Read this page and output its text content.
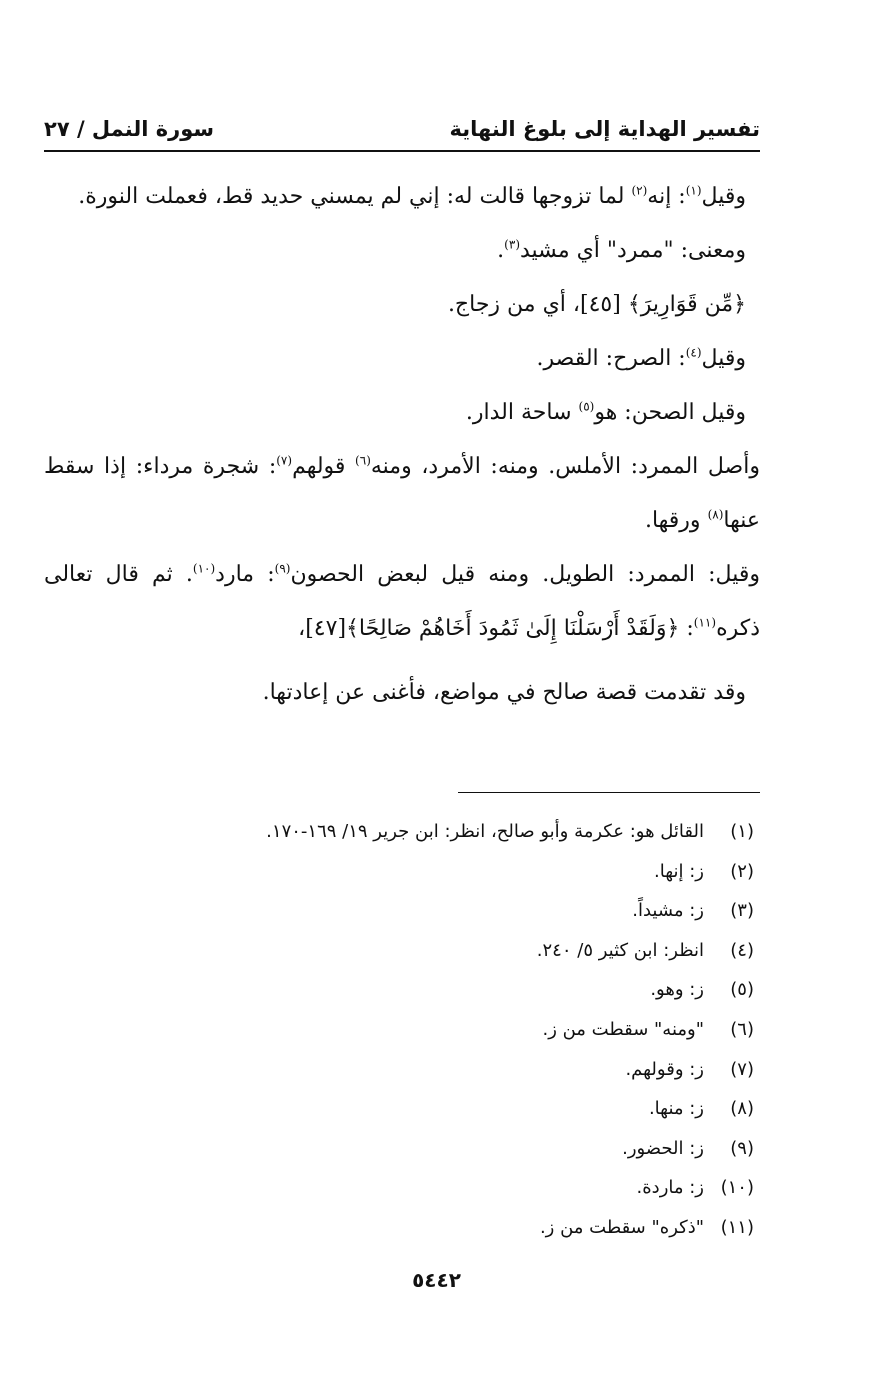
تفسير الهداية إلى بلوغ النهاية
سورة النمل / ٢٧

وقيل$^{(١)}$: إنه$^{(٢)}$ لما تزوجها قالت له: إني لم يمسني حديد قط، فعملت النورة.

ومعنى: "ممرد" أي مشيد$^{(٣)}$.

﴿مِّن قَوَارِيرَ﴾ [٤٥]، أي من زجاج.

وقيل$^{(٤)}$: الصرح: القصر.

وقيل الصحن: هو$^{(٥)}$ ساحة الدار.

وأصل الممرد: الأملس. ومنه: الأمرد، ومنه$^{(٦)}$ قولهم$^{(٧)}$: شجرة مرداء: إذا سقط عنها$^{(٨)}$ ورقها.

وقيل: الممرد: الطويل. ومنه قيل لبعض الحصون$^{(٩)}$: مارد$^{(١٠)}$. ثم قال تعالى ذكره$^{(١١)}$: ﴿وَلَقَدْ أَرْسَلْنَا إِلَىٰ ثَمُودَ أَخَاهُمْ صَالِحًا﴾[٤٧]،

وقد تقدمت قصة صالح في مواضع، فأغنى عن إعادتها.

(١)
القائل هو: عكرمة وأبو صالح، انظر: ابن جرير ١٩/ ١٦٩-١٧٠.
(٢)
ز: إنها.
(٣)
ز: مشيداً.
(٤)
انظر: ابن كثير ٥/ ٢٤٠.
(٥)
ز: وهو.
(٦)
"ومنه" سقطت من ز.
(٧)
ز: وقولهم.
(٨)
ز: منها.
(٩)
ز: الحضور.
(١٠)
ز: ماردة.
(١١)
"ذكره" سقطت من ز.
٥٤٤٢
